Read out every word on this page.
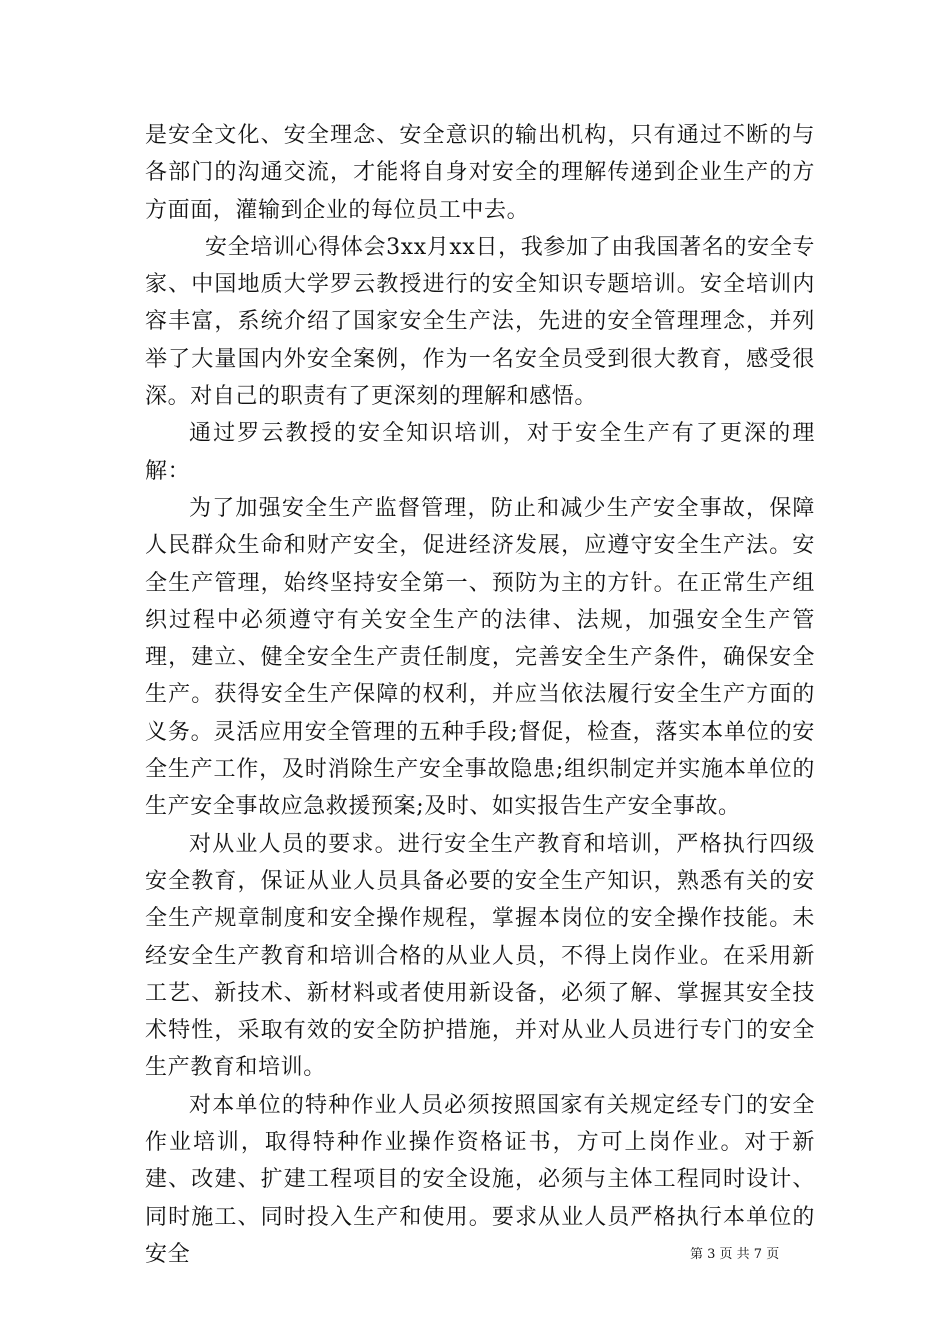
是安全文化、安全理念、安全意识的输出机构，只有通过不断的与各部门的沟通交流，才能将自身对安全的理解传递到企业生产的方方面面，灌输到企业的每位员工中去。

安全培训心得体会3xx月xx日，我参加了由我国著名的安全专家、中国地质大学罗云教授进行的安全知识专题培训。安全培训内容丰富，系统介绍了国家安全生产法，先进的安全管理理念，并列举了大量国内外安全案例，作为一名安全员受到很大教育，感受很深。对自己的职责有了更深刻的理解和感悟。

通过罗云教授的安全知识培训，对于安全生产有了更深的理解：

为了加强安全生产监督管理，防止和减少生产安全事故，保障人民群众生命和财产安全，促进经济发展，应遵守安全生产法。安全生产管理，始终坚持安全第一、预防为主的方针。在正常生产组织过程中必须遵守有关安全生产的法律、法规，加强安全生产管理，建立、健全安全生产责任制度，完善安全生产条件，确保安全生产。获得安全生产保障的权利，并应当依法履行安全生产方面的义务。灵活应用安全管理的五种手段;督促，检查，落实本单位的安全生产工作，及时消除生产安全事故隐患;组织制定并实施本单位的生产安全事故应急救援预案;及时、如实报告生产安全事故。

对从业人员的要求。进行安全生产教育和培训，严格执行四级安全教育，保证从业人员具备必要的安全生产知识，熟悉有关的安全生产规章制度和安全操作规程，掌握本岗位的安全操作技能。未经安全生产教育和培训合格的从业人员，不得上岗作业。在采用新工艺、新技术、新材料或者使用新设备，必须了解、掌握其安全技术特性，采取有效的安全防护措施，并对从业人员进行专门的安全生产教育和培训。

对本单位的特种作业人员必须按照国家有关规定经专门的安全作业培训，取得特种作业操作资格证书，方可上岗作业。对于新建、改建、扩建工程项目的安全设施，必须与主体工程同时设计、同时施工、同时投入生产和使用。要求从业人员严格执行本单位的安全	第 3 页 共 7 页
